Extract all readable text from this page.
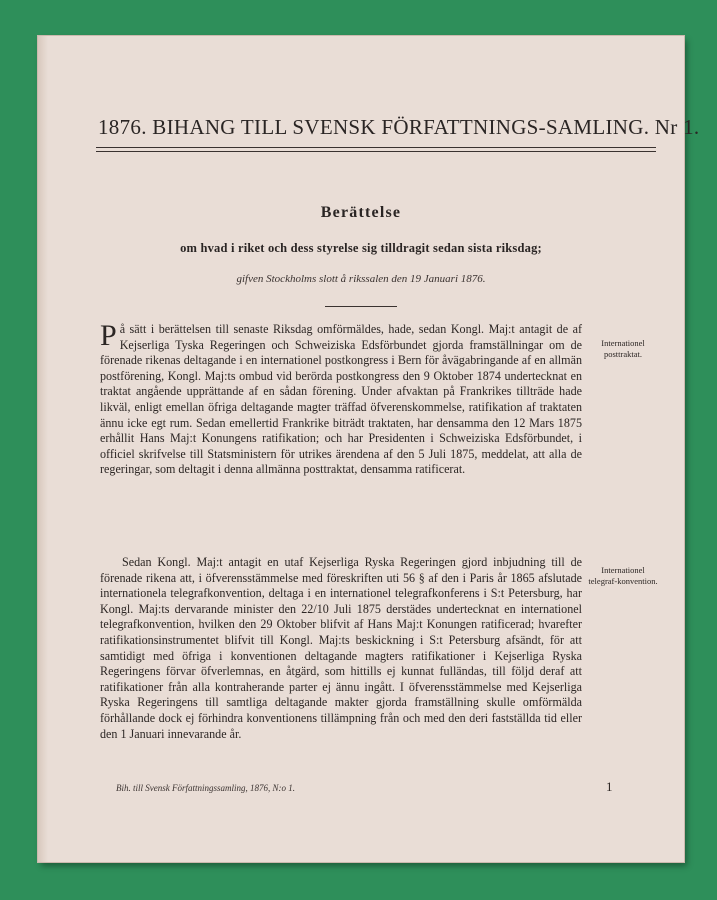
1876. BIHANG TILL SVENSK FÖRFATTNINGS-SAMLING. Nr 1.
Berättelse
om hvad i riket och dess styrelse sig tilldragit sedan sista riksdag;
gifven Stockholms slott å rikssalen den 19 Januari 1876.
På sätt i berättelsen till senaste Riksdag omförmäldes, hade, sedan Kongl. Maj:t antagit de af Kejserliga Tyska Regeringen och Schweiziska Edsförbundet gjorda framställningar om de förenade rikenas deltagande i en internationel postkongress i Bern för åvägabringande af en allmän postförening, Kongl. Maj:ts ombud vid berörda postkongress den 9 Oktober 1874 undertecknat en traktat angående upprättande af en sådan förening. Under afvaktan på Frankrikes tillträde hade likväl, enligt emellan öfriga deltagande magter träffad öfverenskommelse, ratifikation af traktaten ännu icke egt rum. Sedan emellertid Frankrike biträdt traktaten, har densamma den 12 Mars 1875 erhållit Hans Maj:t Konungens ratifikation; och har Presidenten i Schweiziska Edsförbundet, i officiel skrifvelse till Statsministern för utrikes ärendena af den 5 Juli 1875, meddelat, att alla de regeringar, som deltagit i denna allmänna posttraktat, densamma ratificerat.
Internationel posttraktat.
Sedan Kongl. Maj:t antagit en utaf Kejserliga Ryska Regeringen gjord inbjudning till de förenade rikena att, i öfverensstämmelse med föreskriften uti 56 § af den i Paris år 1865 afslutade internationela telegrafkonvention, deltaga i en internationel telegrafkonferens i S:t Petersburg, har Kongl. Maj:ts dervarande minister den 22/10 Juli 1875 derstädes undertecknat en internationel telegrafkonvention, hvilken den 29 Oktober blifvit af Hans Maj:t Konungen ratificerad; hvarefter ratifikationsinstrumentet blifvit till Kongl. Maj:ts beskickning i S:t Petersburg afsändt, för att samtidigt med öfriga i konventionen deltagande magters ratifikationer i Kejserliga Ryska Regeringens förvar öfverlemnas, en åtgärd, som hittills ej kunnat fulländas, till följd deraf att ratifikationer från alla kontraherande parter ej ännu ingått. I öfverensstämmelse med Kejserliga Ryska Regeringens till samtliga deltagande makter gjorda framställning skulle omförmälda förhållande dock ej förhindra konventionens tillämpning från och med den deri fastställda tid eller den 1 Januari innevarande år.
Internationel telegraf-konvention.
Bih. till Svensk Författningssamling, 1876, N:o 1.	1
